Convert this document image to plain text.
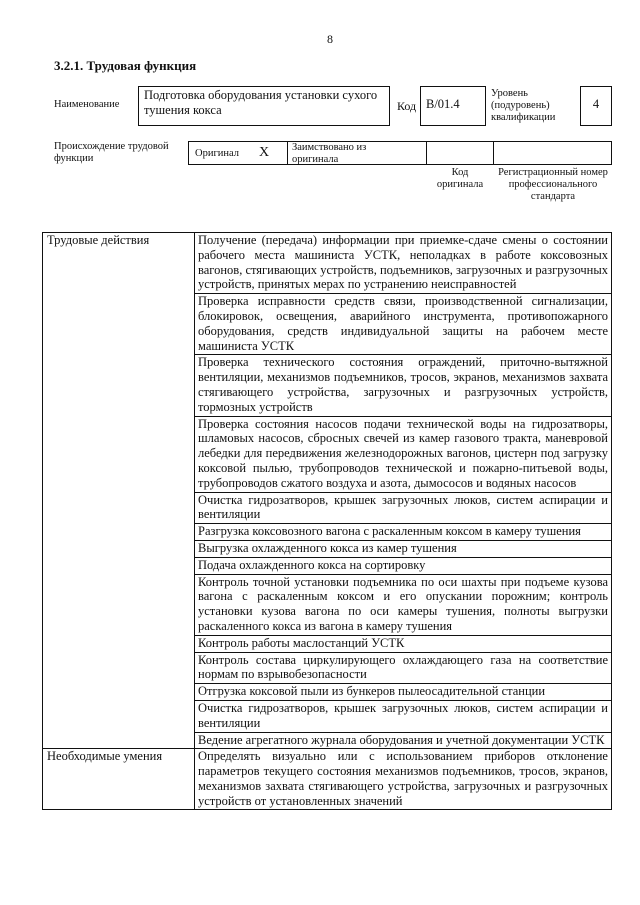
8
3.2.1. Трудовая функция
Наименование
Подготовка оборудования установки сухого тушения кокса	Код B/01.4
Уровень (подуровень) квалификации
4
Происхождение трудовой функции	Оригинал X Заимствовано из оригинала
Код оригинала
Регистрационный номер профессионального стандарта
Трудовые действия	Получение (передача) информации при приемке-сдаче смены о состоянии рабочего места машиниста УСТК, неполадках в работе коксовозных вагонов, стягивающих устройств, подъемников, загрузочных и разгрузочных устройств, принятых мерах по устранению неисправностей
	Проверка исправности средств связи, производственной сигнализации, блокировок, освещения, аварийного инструмента, противопожарного оборудования, средств индивидуальной защиты на рабочем месте машиниста УСТК
	Проверка технического состояния ограждений, приточно-вытяжной вентиляции, механизмов подъемников, тросов, экранов, механизмов захвата стягивающего устройства, загрузочных и разгрузочных устройств, тормозных устройств
	Проверка состояния насосов подачи технической воды на гидрозатворы, шламовых насосов, сбросных свечей из камер газового тракта, маневровой лебедки для передвижения железнодорожных вагонов, цистерн под загрузку коксовой пылью, трубопроводов технической и пожарно-питьевой воды, трубопроводов сжатого воздуха и азота, дымососов и водяных насосов
	Очистка гидрозатворов, крышек загрузочных люков, систем аспирации и вентиляции
	Разгрузка коксовозного вагона с раскаленным коксом в камеру тушения
	Выгрузка охлажденного кокса из камер тушения
	Подача охлажденного кокса на сортировку
	Контроль точной установки подъемника по оси шахты при подъеме кузова вагона с раскаленным коксом и его опускании порожним; контроль установки кузова вагона по оси камеры тушения, полноты выгрузки раскаленного кокса из вагона в камеру тушения
	Контроль работы маслостанций УСТК
	Контроль состава циркулирующего охлаждающего газа на соответствие нормам по взрывобезопасности
	Отгрузка коксовой пыли из бункеров пылеосадительной станции
	Очистка гидрозатворов, крышек загрузочных люков, систем аспирации и вентиляции
	Ведение агрегатного журнала оборудования и учетной документации УСТК
Необходимые умения	Определять визуально или с использованием приборов отклонение параметров текущего состояния механизмов подъемников, тросов, экранов, механизмов захвата стягивающего устройства, загрузочных и разгрузочных устройств от установленных значений
